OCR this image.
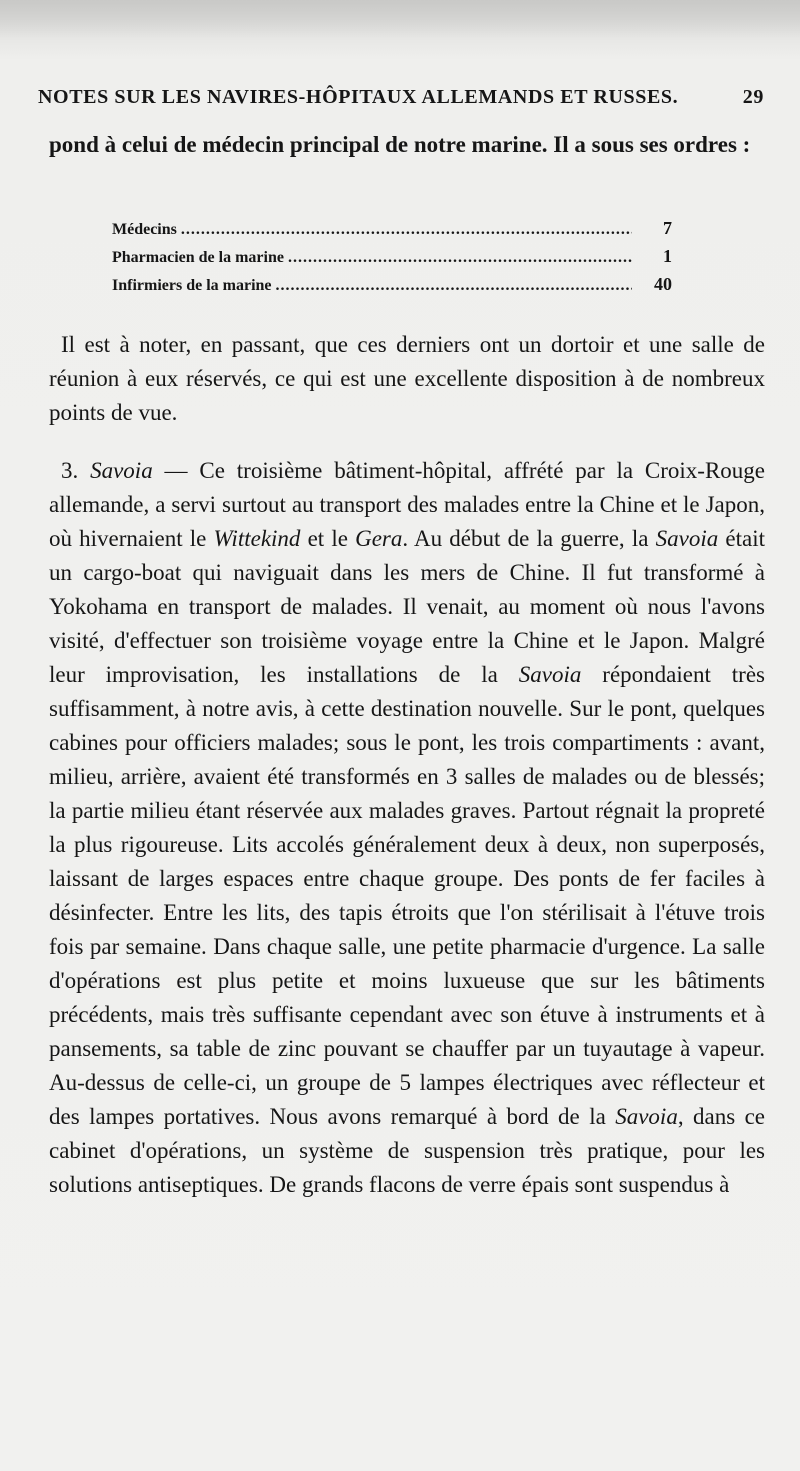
NOTES SUR LES NAVIRES-HÔPITAUX ALLEMANDS ET RUSSES.	29

pond à celui de médecin principal de notre marine. Il a sous ses ordres :

Médecins .....	7
Pharmacien de la marine .....	1
Infirmiers de la marine .....	40

Il est à noter, en passant, que ces derniers ont un dortoir et une salle de réunion à eux réservés, ce qui est une excellente disposition à de nombreux points de vue.

3. Savoia — Ce troisième bâtiment-hôpital, affrété par la Croix-Rouge allemande, a servi surtout au transport des malades entre la Chine et le Japon, où hivernaient le Wittekind et le Gera. Au début de la guerre, la Savoia était un cargo-boat qui naviguait dans les mers de Chine. Il fut transformé à Yokohama en transport de malades. Il venait, au moment où nous l'avons visité, d'effectuer son troisième voyage entre la Chine et le Japon. Malgré leur improvisation, les installations de la Savoia répondaient très suffisamment, à notre avis, à cette destination nouvelle. Sur le pont, quelques cabines pour officiers malades; sous le pont, les trois compartiments : avant, milieu, arrière, avaient été transformés en 3 salles de malades ou de blessés; la partie milieu étant réservée aux malades graves. Partout régnait la propreté la plus rigoureuse. Lits accolés généralement deux à deux, non superposés, laissant de larges espaces entre chaque groupe. Des ponts de fer faciles à désinfecter. Entre les lits, des tapis étroits que l'on stérilisait à l'étuve trois fois par semaine. Dans chaque salle, une petite pharmacie d'urgence. La salle d'opérations est plus petite et moins luxueuse que sur les bâtiments précédents, mais très suffisante cependant avec son étuve à instruments et à pansements, sa table de zinc pouvant se chauffer par un tuyautage à vapeur. Au-dessus de celle-ci, un groupe de 5 lampes électriques avec réflecteur et des lampes portatives. Nous avons remarqué à bord de la Savoia, dans ce cabinet d'opérations, un système de suspension très pratique, pour les solutions antiseptiques. De grands flacons de verre épais sont suspendus à
